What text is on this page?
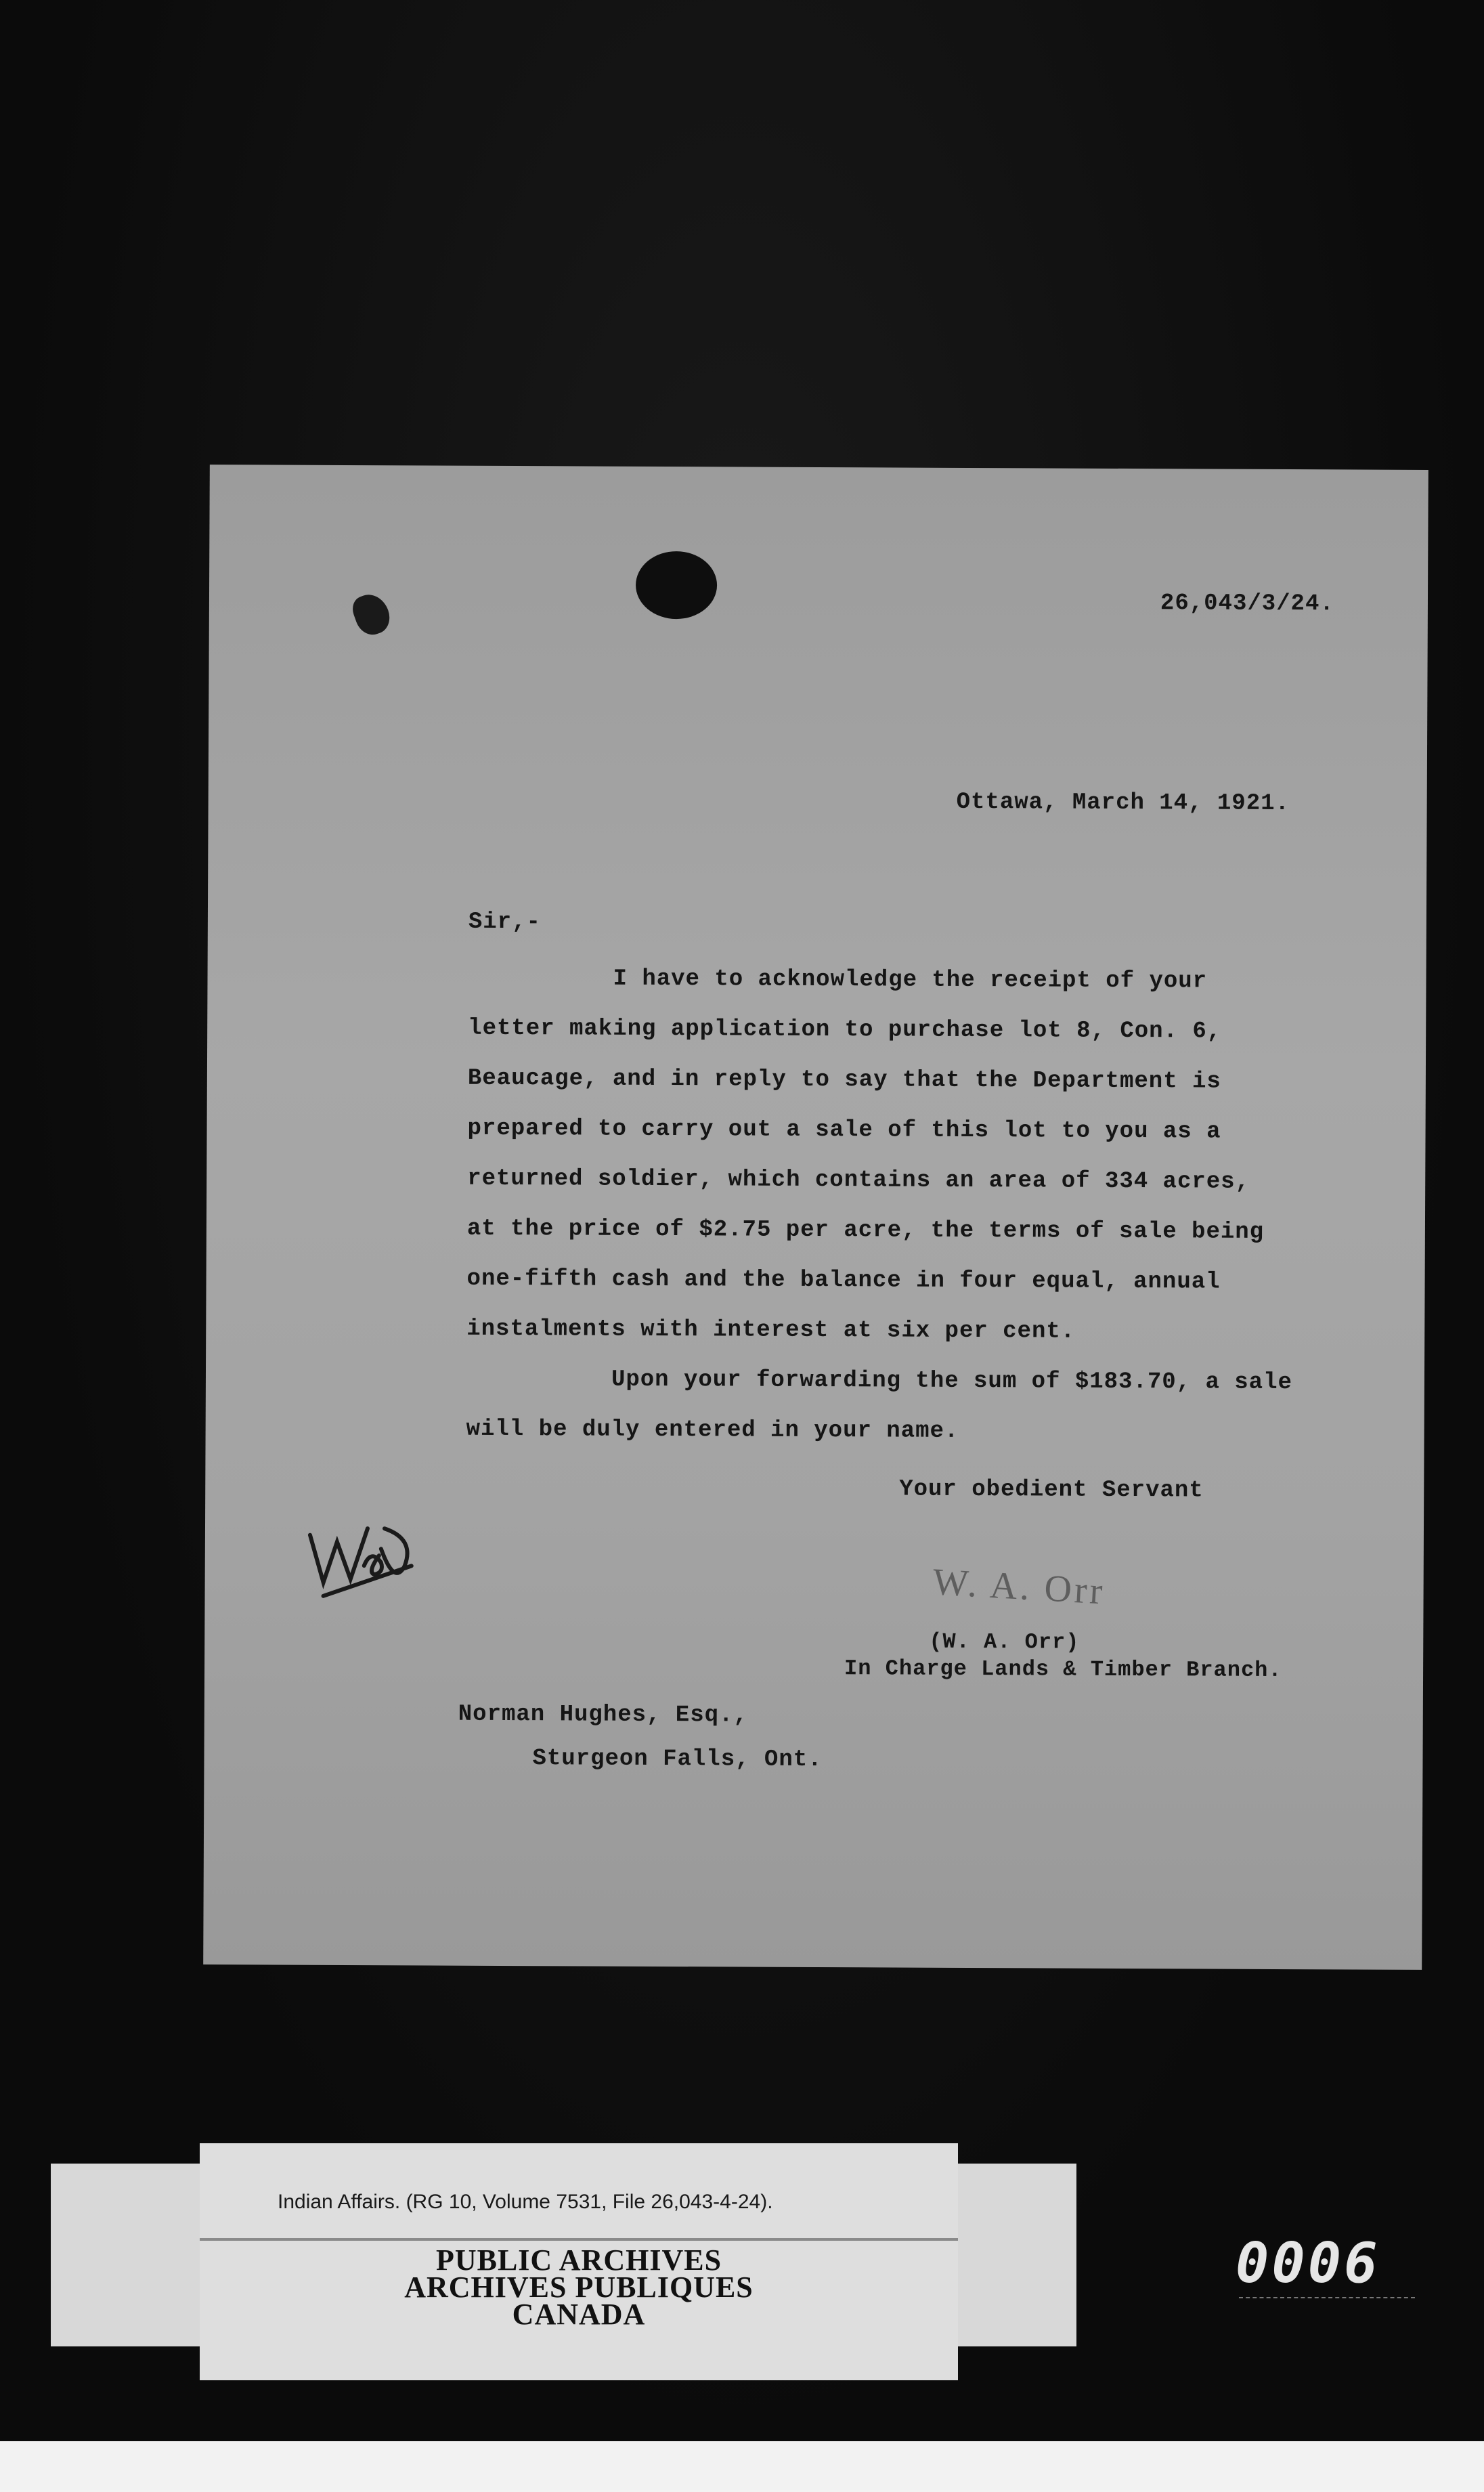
26,043/3/24.
Ottawa, March 14, 1921.
Sir,-
I have to acknowledge the receipt of your
letter making application to purchase lot 8, Con. 6,
Beaucage, and in reply to say that the Department is
prepared to carry out a sale of this lot to you as a
returned soldier, which contains an area of 334 acres,
at the price of $2.75 per acre, the terms of sale being
one-fifth cash and the balance in four equal, annual
instalments with interest at six per cent.
Upon your forwarding the sum of $183.70, a sale
will be duly entered in your name.
Your obedient Servant
W. A. Orr
(W. A. Orr)
In Charge Lands & Timber Branch.
Norman Hughes, Esq.,
Sturgeon Falls, Ont.
Indian Affairs. (RG 10, Volume 7531, File 26,043-4-24).
PUBLIC ARCHIVES
ARCHIVES PUBLIQUES
CANADA
0006
